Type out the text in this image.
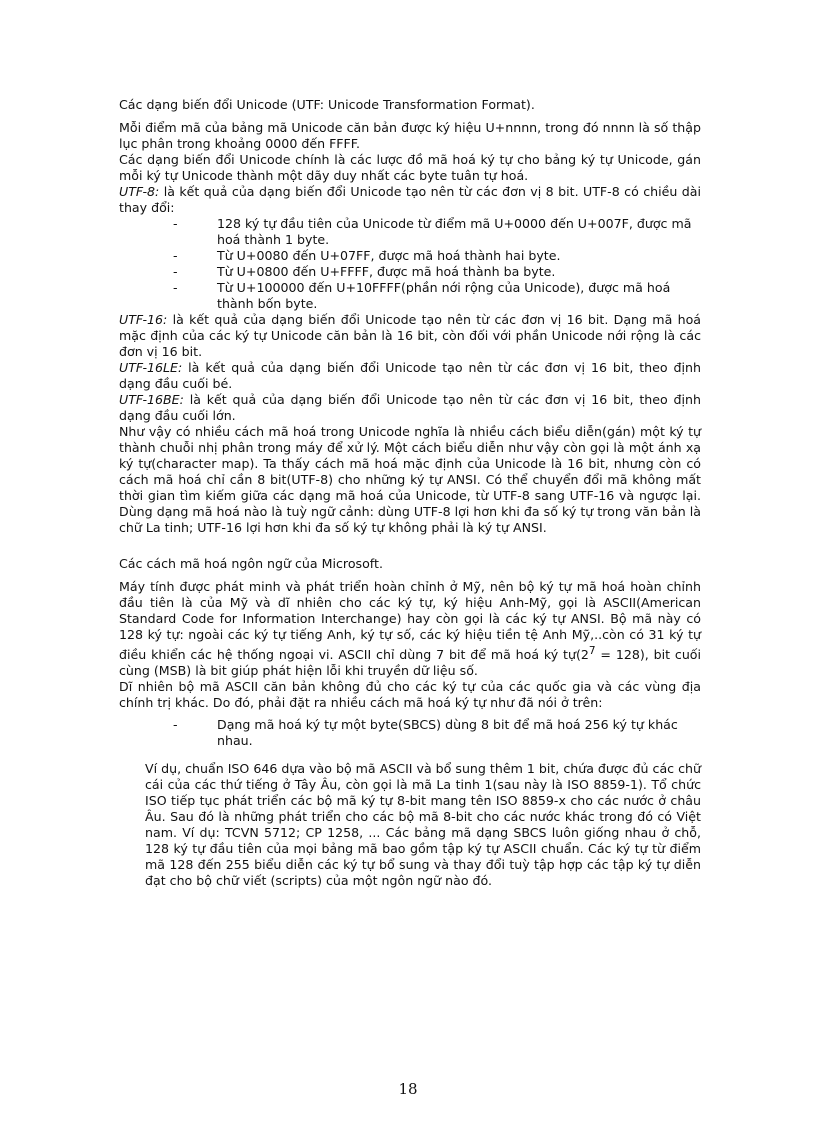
Các dạng biến đổi Unicode (UTF: Unicode Transformation Format).

Mỗi điểm mã của bảng mã Unicode căn bản được ký hiệu U+nnnn, trong đó nnnn là số thập lục phân trong khoảng 0000 đến FFFF.

Các dạng biến đổi Unicode chính là các lược đồ mã hoá ký tự cho bảng ký tự Unicode, gán mỗi ký tự Unicode thành một dãy duy nhất các byte tuân tự hoá.

UTF-8: là kết quả của dạng biến đổi Unicode tạo nên từ các đơn vị 8 bit. UTF-8 có chiều dài thay đổi:

-	128 ký tự đầu tiên của Unicode từ điểm mã U+0000 đến U+007F, được mã hoá thành 1 byte.
-	Từ U+0080 đến U+07FF, được mã hoá thành hai byte.
-	Từ U+0800 đến U+FFFF, được mã hoá thành ba byte.
-	Từ U+100000 đến U+10FFFF(phần nới rộng của Unicode), được mã hoá thành bốn byte.

UTF-16: là kết quả của dạng biến đổi Unicode tạo nên từ các đơn vị 16 bit. Dạng mã hoá mặc định của các ký tự Unicode căn bản là 16 bit, còn đối với phần Unicode nới rộng là các đơn vị 16 bit.

UTF-16LE: là kết quả của dạng biến đổi Unicode tạo nên từ các đơn vị 16 bit, theo định dạng đầu cuối bé.

UTF-16BE: là kết quả của dạng biến đổi Unicode tạo nên từ các đơn vị 16 bit, theo định dạng đầu cuối lớn.

Như vậy có nhiều cách mã hoá trong Unicode nghĩa là nhiều cách biểu diễn(gán) một ký tự thành chuỗi nhị phân trong máy để xử lý. Một cách biểu diễn như vậy còn gọi là một ánh xạ ký tự(character map). Ta thấy cách mã hoá mặc định của Unicode là 16 bit, nhưng còn có cách mã hoá chỉ cần 8 bit(UTF-8) cho những ký tự ANSI. Có thể chuyển đổi mã không mất thời gian tìm kiếm giữa các dạng mã hoá của Unicode, từ UTF-8 sang UTF-16 và ngược lại. Dùng dạng mã hoá nào là tuỳ ngữ cảnh: dùng UTF-8 lợi hơn khi đa số ký tự trong văn bản là chữ La tinh; UTF-16 lợi hơn khi đa số ký tự không phải là ký tự ANSI.

Các cách mã hoá ngôn ngữ của Microsoft.

Máy tính được phát minh và phát triển hoàn chỉnh ở Mỹ, nên bộ ký tự mã hoá hoàn chỉnh đầu tiên là của Mỹ và dĩ nhiên cho các ký tự, ký hiệu Anh-Mỹ, gọi là ASCII(American Standard Code for Information Interchange) hay còn gọi là các ký tự ANSI. Bộ mã này có 128 ký tự: ngoài các ký tự tiếng Anh, ký tự số, các ký hiệu tiền tệ Anh Mỹ,..còn có 31 ký tự điều khiển các hệ thống ngoại vi. ASCII chỉ dùng 7 bit để mã hoá ký $tự(2^7 = 128)$, bit cuối cùng (MSB) là bit giúp phát hiện lỗi khi truyền dữ liệu số.

Dĩ nhiên bộ mã ASCII căn bản không đủ cho các ký tự của các quốc gia và các vùng địa chính trị khác. Do đó, phải đặt ra nhiều cách mã hoá ký tự như đã nói ở trên:

-	Dạng mã hoá ký tự một byte(SBCS) dùng 8 bit để mã hoá 256 ký tự khác nhau.

Ví dụ, chuẩn ISO 646 dựa vào bộ mã ASCII và bổ sung thêm 1 bit, chứa được đủ các chữ cái của các thứ tiếng ở Tây Âu, còn gọi là mã La tinh 1(sau này là ISO 8859-1). Tổ chức ISO tiếp tục phát triển các bộ mã ký tự 8-bit mang tên ISO 8859-x cho các nước ở châu Âu. Sau đó là những phát triển cho các bộ mã 8-bit cho các nước khác trong đó có Việt nam. Ví dụ: TCVN 5712; CP 1258, ... Các bảng mã dạng SBCS luôn giống nhau ở chỗ, 128 ký tự đầu tiên của mọi bảng mã bao gồm tập ký tự ASCII chuẩn. Các ký tự từ điểm mã 128 đến 255 biểu diễn các ký tự bổ sung và thay đổi tuỳ tập hợp các tập ký tự diễn đạt cho bộ chữ viết (scripts) của một ngôn ngữ nào đó.

18
